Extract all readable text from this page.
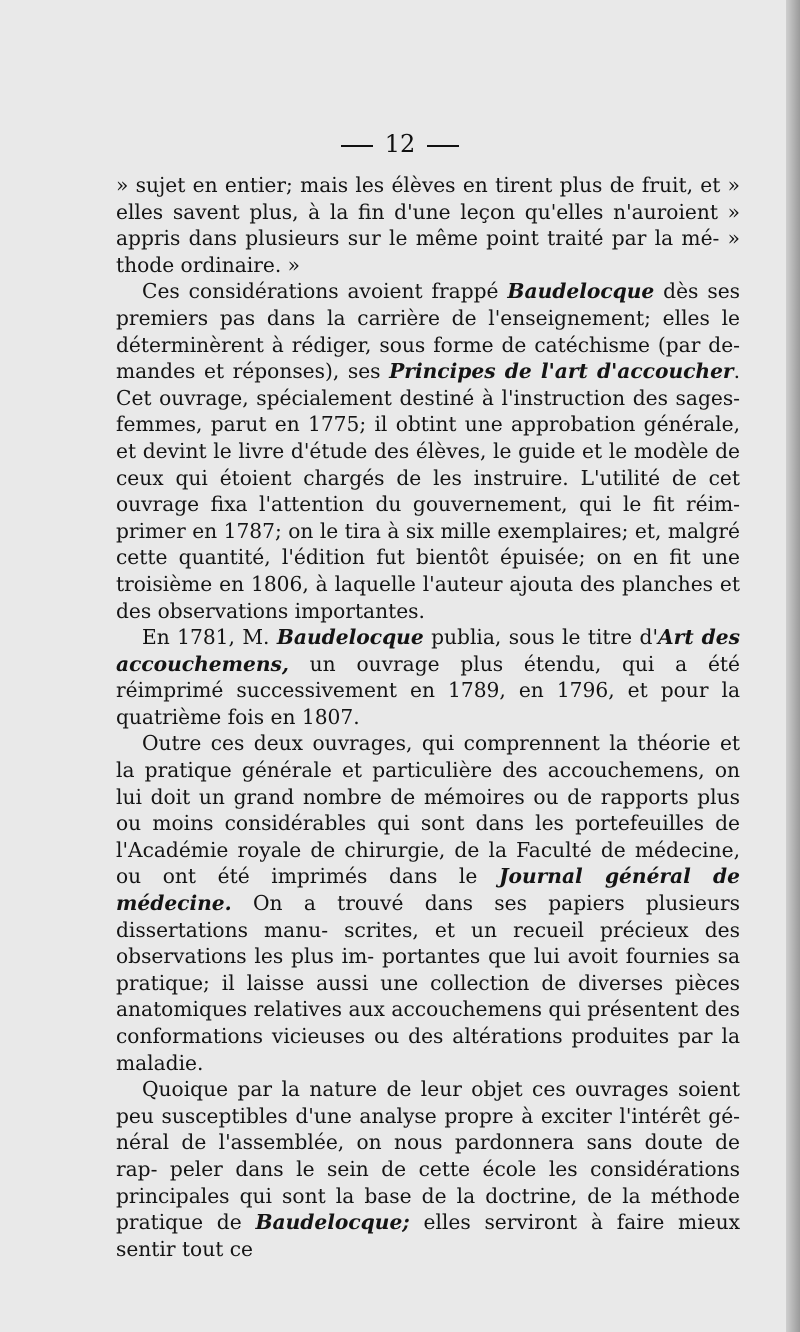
12

» sujet en entier; mais les élèves en tirent plus de fruit, et » elles savent plus, à la fin d'une leçon qu'elles n'auroient » appris dans plusieurs sur le même point traité par la mé- » thode ordinaire. »

Ces considérations avoient frappé Baudelocque dès ses premiers pas dans la carrière de l'enseignement; elles le déterminèrent à rédiger, sous forme de catéchisme (par de- mandes et réponses), ses Principes de l'art d'accoucher. Cet ouvrage, spécialement destiné à l'instruction des sages- femmes, parut en 1775; il obtint une approbation générale, et devint le livre d'étude des élèves, le guide et le modèle de ceux qui étoient chargés de les instruire. L'utilité de cet ouvrage fixa l'attention du gouvernement, qui le fit réim- primer en 1787; on le tira à six mille exemplaires; et, malgré cette quantité, l'édition fut bientôt épuisée; on en fit une troisième en 1806, à laquelle l'auteur ajouta des planches et des observations importantes.

En 1781, M. Baudelocque publia, sous le titre d'Art des accouchemens, un ouvrage plus étendu, qui a été réimprimé successivement en 1789, en 1796, et pour la quatrième fois en 1807.

Outre ces deux ouvrages, qui comprennent la théorie et la pratique générale et particulière des accouchemens, on lui doit un grand nombre de mémoires ou de rapports plus ou moins considérables qui sont dans les portefeuilles de l'Académie royale de chirurgie, de la Faculté de médecine, ou ont été imprimés dans le Journal général de médecine. On a trouvé dans ses papiers plusieurs dissertations manu- scrites, et un recueil précieux des observations les plus im- portantes que lui avoit fournies sa pratique; il laisse aussi une collection de diverses pièces anatomiques relatives aux accouchemens qui présentent des conformations vicieuses ou des altérations produites par la maladie.

Quoique par la nature de leur objet ces ouvrages soient peu susceptibles d'une analyse propre à exciter l'intérêt gé- néral de l'assemblée, on nous pardonnera sans doute de rap- peler dans le sein de cette école les considérations principales qui sont la base de la doctrine, de la méthode pratique de Baudelocque; elles serviront à faire mieux sentir tout ce
